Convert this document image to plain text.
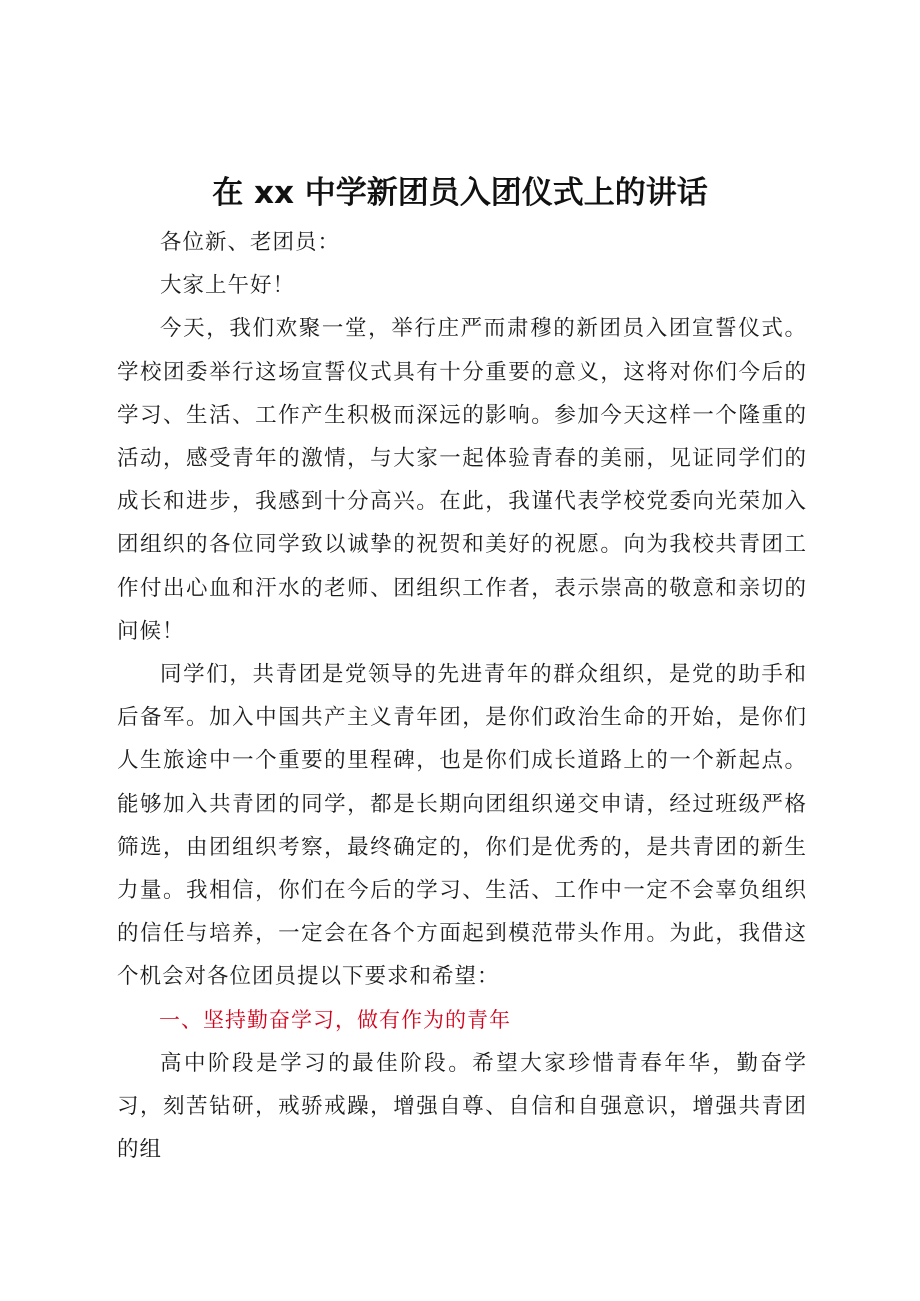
在 xx 中学新团员入团仪式上的讲话

各位新、老团员：

大家上午好！

今天，我们欢聚一堂，举行庄严而肃穆的新团员入团宣誓仪式。学校团委举行这场宣誓仪式具有十分重要的意义，这将对你们今后的学习、生活、工作产生积极而深远的影响。参加今天这样一个隆重的活动，感受青年的激情，与大家一起体验青春的美丽，见证同学们的成长和进步，我感到十分高兴。在此，我谨代表学校党委向光荣加入团组织的各位同学致以诚挚的祝贺和美好的祝愿。向为我校共青团工作付出心血和汗水的老师、团组织工作者，表示崇高的敬意和亲切的问候！

同学们，共青团是党领导的先进青年的群众组织，是党的助手和后备军。加入中国共产主义青年团，是你们政治生命的开始，是你们人生旅途中一个重要的里程碑，也是你们成长道路上的一个新起点。能够加入共青团的同学，都是长期向团组织递交申请，经过班级严格筛选，由团组织考察，最终确定的，你们是优秀的，是共青团的新生力量。我相信，你们在今后的学习、生活、工作中一定不会辜负组织的信任与培养，一定会在各个方面起到模范带头作用。为此，我借这个机会对各位团员提以下要求和希望：

一、坚持勤奋学习，做有作为的青年

高中阶段是学习的最佳阶段。希望大家珍惜青春年华，勤奋学习，刻苦钻研，戒骄戒躁，增强自尊、自信和自强意识，增强共青团的组
